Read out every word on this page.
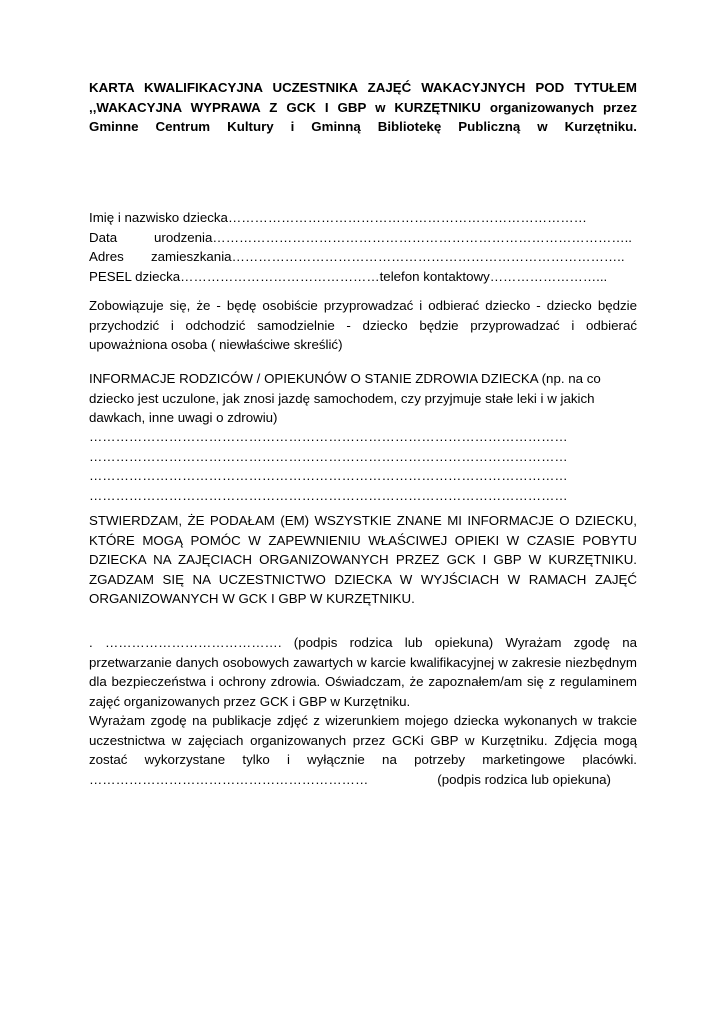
KARTA KWALIFIKACYJNA UCZESTNIKA ZAJĘĆ WAKACYJNYCH POD TYTUŁEM
,,WAKACYJNA WYPRAWA Z GCK I GBP w KURZĘTNIKU organizowanych przez
Gminne Centrum Kultury i Gminną Bibliotekę Publiczną w Kurzętniku.
Imię i nazwisko dziecka ………………………………………………………………………
Data	urodzenia …………………………………………………………………………………..
Adres	zamieszkania ……………………………………………………………………………..
PESEL dziecka ……………………………………… telefon kontaktowy ……………………...
Zobowiązuje się, że - będę osobiście przyprowadzać i odbierać dziecko - dziecko będzie
przychodzić i odchodzić samodzielnie - dziecko będzie przyprowadzać i odbierać
upoważniona osoba ( niewłaściwe skreślić)
INFORMACJE RODZICÓW / OPIEKUNÓW O STANIE ZDROWIA DZIECKA (np. na co
dziecko jest uczulone, jak znosi jazdę samochodem, czy przyjmuje stałe leki i w jakich
dawkach, inne uwagi o zdrowiu)
………………………………………………………………………………………………
………………………………………………………………………………………………
………………………………………………………………………………………………
………………………………………………………………………………………………
STWIERDZAM, ŻE PODAŁAM (EM) WSZYSTKIE ZNANE MI INFORMACJE O DZIECKU,
KTÓRE MOGĄ POMÓC W ZAPEWNIENIU WŁAŚCIWEJ OPIEKI W CZASIE POBYTU
DZIECKA NA ZAJĘCIACH ORGANIZOWANYCH PRZEZ GCK I GBP W KURZĘTNIKU.
ZGADZAM SIĘ NA UCZESTNICTWO DZIECKA W WYJŚCIACH W RAMACH ZAJĘĆ
ORGANIZOWANYCH W GCK I GBP W KURZĘTNIKU.
. …………………………………. (podpis rodzica lub opiekuna) Wyrażam zgodę na
przetwarzanie danych osobowych zawartych w karcie kwalifikacyjnej w zakresie niezbędnym
dla bezpieczeństwa i ochrony zdrowia. Oświadczam, że zapoznałem/am się z regulaminem
zajęć organizowanych przez GCK i GBP w Kurzętniku.
Wyrażam zgodę na publikacje zdjęć z wizerunkiem mojego dziecka wykonanych w trakcie
uczestnictwa w zajęciach organizowanych przez GCKi GBP w Kurzętniku. Zdjęcia mogą
zostać wykorzystane tylko i wyłącznie na potrzeby marketingowe placówki.
………………………………………………………	(podpis rodzica lub opiekuna)
